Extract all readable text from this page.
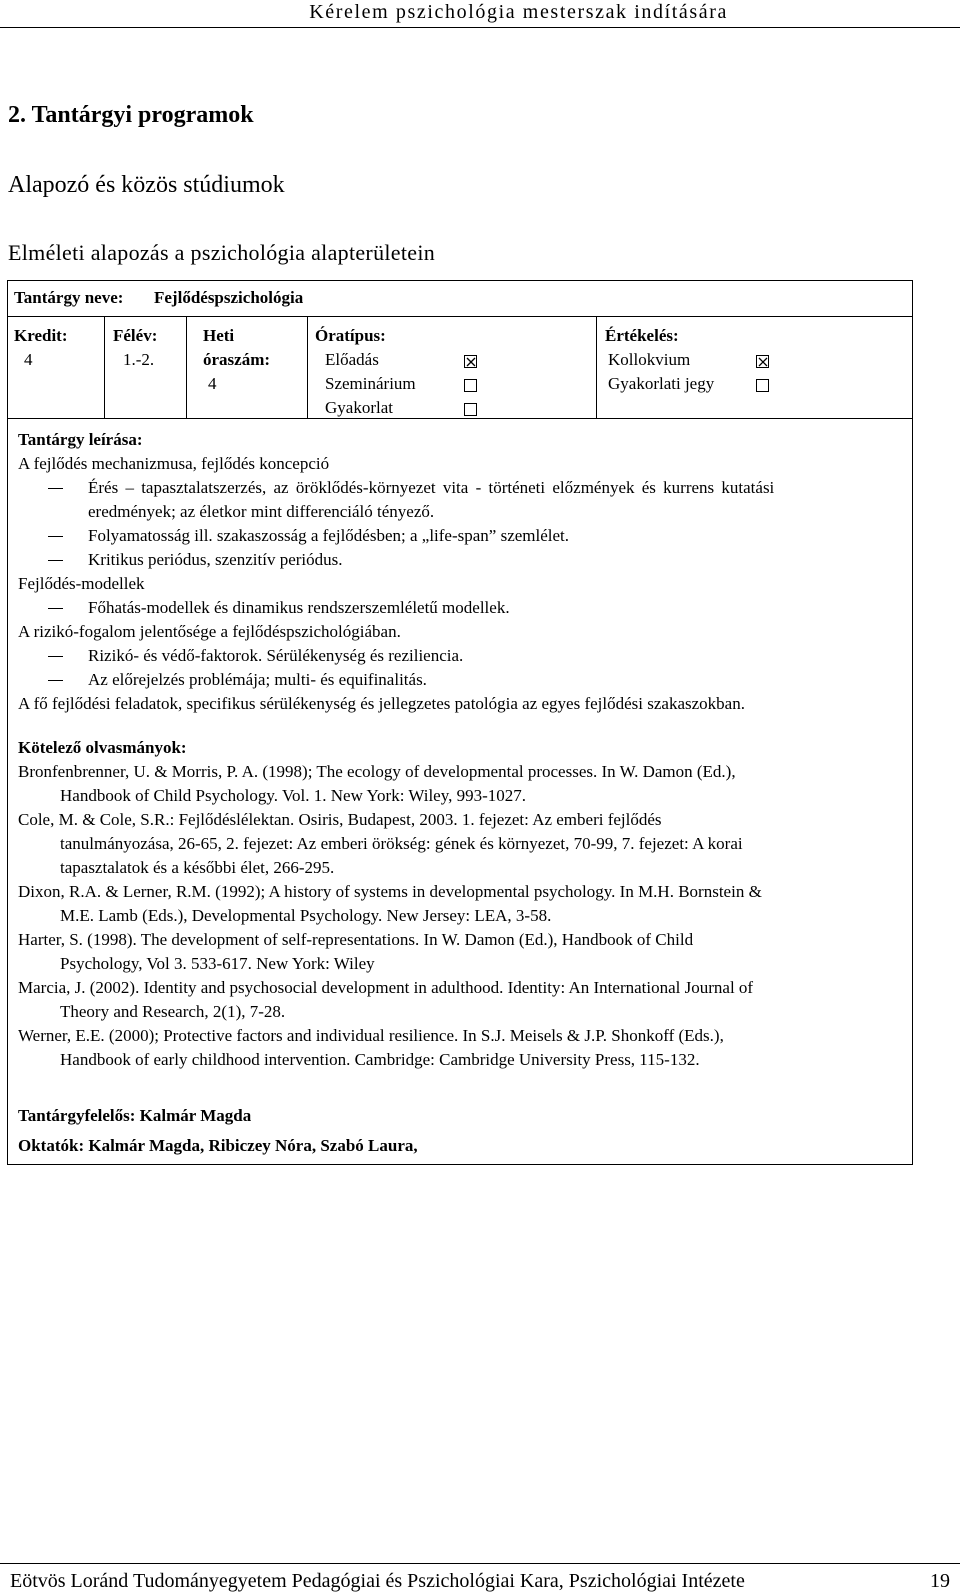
Kérelem pszichológia mesterszak indítására
2. Tantárgyi programok
Alapozó és közös stúdiumok
Elméleti alapozás a pszichológia alapterületein
Tantárgy neve: Fejlődéspszichológia
Kredit:
4
Félév:
1.-2.
Heti
óraszám:
4
Óratípus:
Előadás
Szeminárium
Gyakorlat
Értékelés:
Kollokvium
Gyakorlati jegy
Tantárgy leírása:
A fejlődés mechanizmusa, fejlődés koncepció
Érés – tapasztalatszerzés, az öröklődés-környezet vita - történeti előzmények és kurrens kutatási
eredmények; az életkor mint differenciáló tényező.
Folyamatosság ill. szakaszosság a fejlődésben; a „life-span” szemlélet.
Kritikus periódus, szenzitív periódus.
Fejlődés-modellek
Főhatás-modellek és dinamikus rendszerszemléletű modellek.
A rizikó-fogalom jelentősége a fejlődéspszichológiában.
Rizikó- és védő-faktorok. Sérülékenység és reziliencia.
Az előrejelzés problémája; multi- és equifinalitás.
A fő fejlődési feladatok, specifikus sérülékenység és jellegzetes patológia az egyes fejlődési szakaszokban.
Kötelező olvasmányok:
Bronfenbrenner, U. & Morris, P. A. (1998); The ecology of developmental processes. In W. Damon (Ed.),
Handbook of Child Psychology. Vol. 1. New York: Wiley, 993-1027.
Cole, M. & Cole, S.R.: Fejlődéslélektan. Osiris, Budapest, 2003. 1. fejezet: Az emberi fejlődés
tanulmányozása, 26-65, 2. fejezet: Az emberi örökség: gének és környezet, 70-99, 7. fejezet: A korai
tapasztalatok és a későbbi élet, 266-295.
Dixon, R.A. & Lerner, R.M. (1992); A history of systems in developmental psychology. In M.H. Bornstein &
M.E. Lamb (Eds.), Developmental Psychology. New Jersey: LEA, 3-58.
Harter, S. (1998). The development of self-representations. In W. Damon (Ed.), Handbook of Child
Psychology, Vol 3. 533-617. New York: Wiley
Marcia, J. (2002). Identity and psychosocial development in adulthood. Identity: An International Journal of
Theory and Research, 2(1), 7-28.
Werner, E.E. (2000); Protective factors and individual resilience. In S.J. Meisels & J.P. Shonkoff (Eds.),
Handbook of early childhood intervention. Cambridge: Cambridge University Press, 115-132.
Tantárgyfelelős: Kalmár Magda
Oktatók: Kalmár Magda, Ribiczey Nóra, Szabó Laura,
Eötvös Loránd Tudományegyetem Pedagógiai és Pszichológiai Kara, Pszichológiai Intézete	19
